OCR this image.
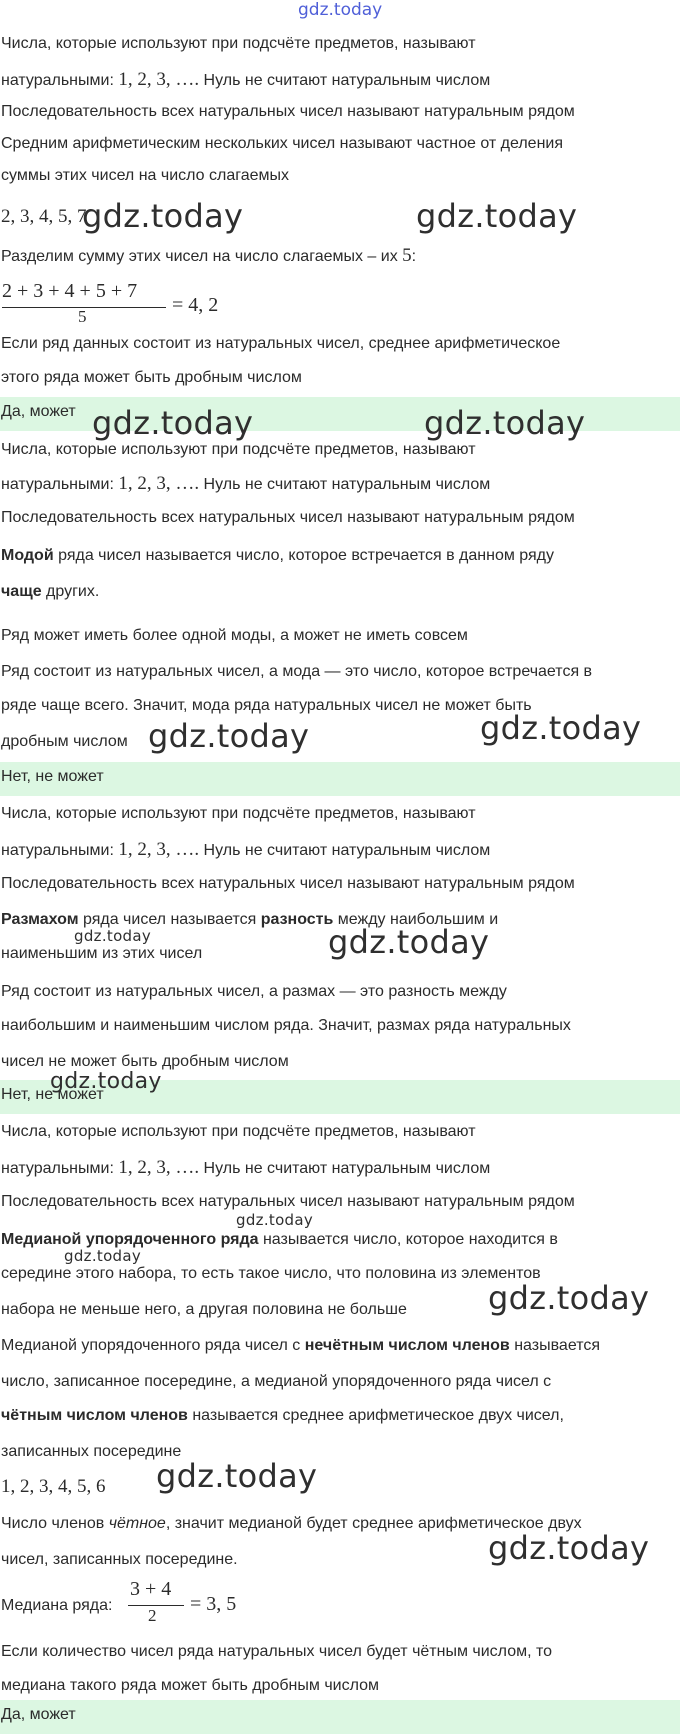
gdz.today
Числа, которые используют при подсчёте предметов, называют
натуральными: 1, 2, 3, …. Нуль не считают натуральным числом
Последовательность всех натуральных чисел называют натуральным рядом
Средним арифметическим нескольких чисел называют частное от деления
суммы этих чисел на число слагаемых
2, 3, 4, 5, 7
Разделим сумму этих чисел на число слагаемых – их 5:
2 + 3 + 4 + 5 + 7
5
= 4, 2
Если ряд данных состоит из натуральных чисел, среднее арифметическое
этого ряда может быть дробным числом
Да, может
Числа, которые используют при подсчёте предметов, называют
натуральными: 1, 2, 3, …. Нуль не считают натуральным числом
Последовательность всех натуральных чисел называют натуральным рядом
Модой ряда чисел называется число, которое встречается в данном ряду
чаще других.
Ряд может иметь более одной моды, а может не иметь совсем
Ряд состоит из натуральных чисел, а мода — это число, которое встречается в
ряде чаще всего. Значит, мода ряда натуральных чисел не может быть
дробным числом
Нет, не может
Числа, которые используют при подсчёте предметов, называют
натуральными: 1, 2, 3, …. Нуль не считают натуральным числом
Последовательность всех натуральных чисел называют натуральным рядом
Размахом ряда чисел называется разность между наибольшим и
наименьшим из этих чисел
Ряд состоит из натуральных чисел, а размах — это разность между
наибольшим и наименьшим числом ряда. Значит, размах ряда натуральных
чисел не может быть дробным числом
Нет, не может
Числа, которые используют при подсчёте предметов, называют
натуральными: 1, 2, 3, …. Нуль не считают натуральным числом
Последовательность всех натуральных чисел называют натуральным рядом
Медианой упорядоченного ряда называется число, которое находится в
середине этого набора, то есть такое число, что половина из элементов
набора не меньше него, а другая половина не больше
Медианой упорядоченного ряда чисел с нечётным числом членов называется
число, записанное посередине, а медианой упорядоченного ряда чисел с
чётным числом членов называется среднее арифметическое двух чисел,
записанных посередине
1, 2, 3, 4, 5, 6
Число членов чётное, значит медианой будет среднее арифметическое двух
чисел, записанных посередине.
Медиана ряда:
3 + 4
2
= 3, 5
Если количество чисел ряда натуральных чисел будет чётным числом, то
медиана такого ряда может быть дробным числом
Да, может
gdz.today	gdz.today
gdz.today	gdz.today
gdz.today	gdz.today
gdz.today
gdz.today
gdz.today
gdz.today
gdz.today
gdz.today
gdz.today
gdz.today
